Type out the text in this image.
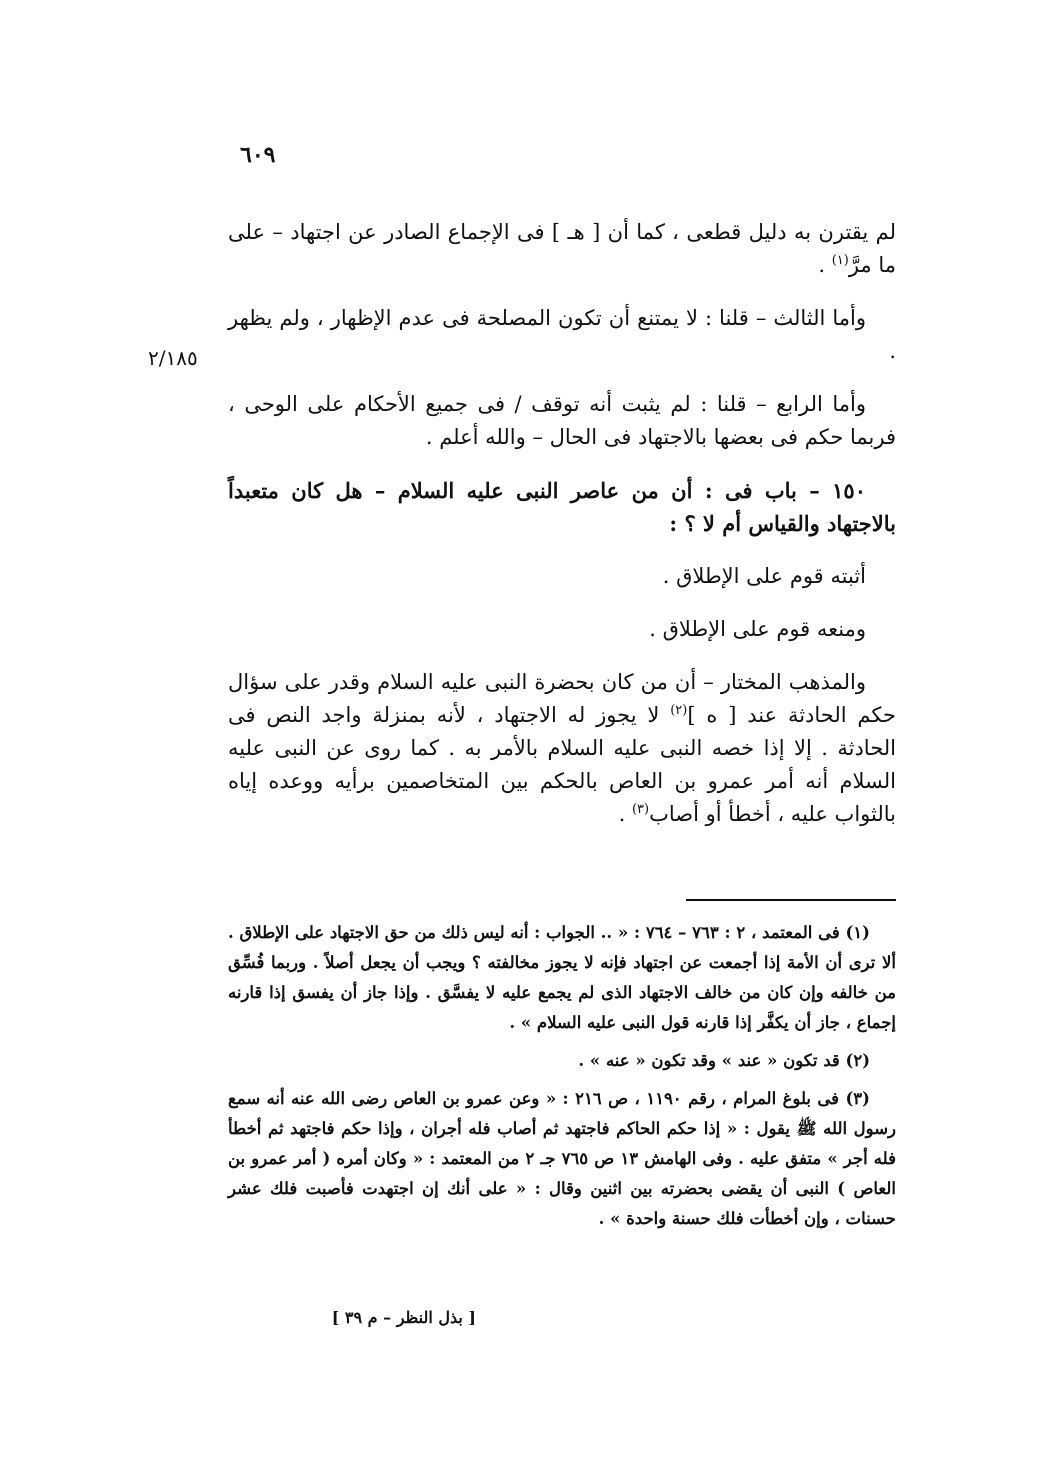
٦٠٩
٢/١٨٥

لم يقترن به دليل قطعى ، كما أن [ هـ ] فى الإجماع الصادر عن اجتهاد – على ما مرَّ$^{(١)}$ .

وأما الثالث – قلنا : لا يمتنع أن تكون المصلحة فى عدم الإظهار ، ولم يظهر .

وأما الرابع – قلنا : لم يثبت أنه توقف / فى جميع الأحكام على الوحى ، فربما حكم فى بعضها بالاجتهاد فى الحال – والله أعلم .

١٥٠ – باب فى : أن من عاصر النبى عليه السلام – هل كان متعبداً بالاجتهاد والقياس أم لا ؟ :

أثبته قوم على الإطلاق .

ومنعه قوم على الإطلاق .

والمذهب المختار – أن من كان بحضرة النبى عليه السلام وقدر على سؤال حكم الحادثة عند [ ه ]$^{(٢)}$ لا يجوز له الاجتهاد ، لأنه بمنزلة واجد النص فى الحادثة . إلا إذا خصه النبى عليه السلام بالأمر به . كما روى عن النبى عليه السلام أنه أمر عمرو بن العاص بالحكم بين المتخاصمين برأيه ووعده إياه بالثواب عليه ، أخطأ أو أصاب$^{(٣)}$ .

(١) فى المعتمد ، ٢ : ٧٦٣ – ٧٦٤ : « .. الجواب : أنه ليس ذلك من حق الاجتهاد على الإطلاق . ألا ترى أن الأمة إذا أجمعت عن اجتهاد فإنه لا يجوز مخالفته ؟ ويجب أن يجعل أصلاً . وربما فُسِّق من خالفه وإن كان من خالف الاجتهاد الذى لم يجمع عليه لا يفسَّق . وإذا جاز أن يفسق إذا قارنه إجماع ، جاز أن يكفَّر إذا قارنه قول النبى عليه السلام » .

(٢) قد تكون « عند » وقد تكون « عنه » .

(٣) فى بلوغ المرام ، رقم ١١٩٠ ، ص ٢١٦ : « وعن عمرو بن العاص رضى الله عنه أنه سمع رسول الله ﷺ يقول : « إذا حكم الحاكم فاجتهد ثم أصاب فله أجران ، وإذا حكم فاجتهد ثم أخطأ فله أجر » متفق عليه . وفى الهامش ١٣ ص ٧٦٥ جـ ٢ من المعتمد : « وكان أمره ( أمر عمرو بن العاص ) النبى أن يقضى بحضرته بين اثنين وقال : « على أنك إن اجتهدت فأصبت فلك عشر حسنات ، وإن أخطأت فلك حسنة واحدة » .

[ بذل النظر – م ٣٩ ]
